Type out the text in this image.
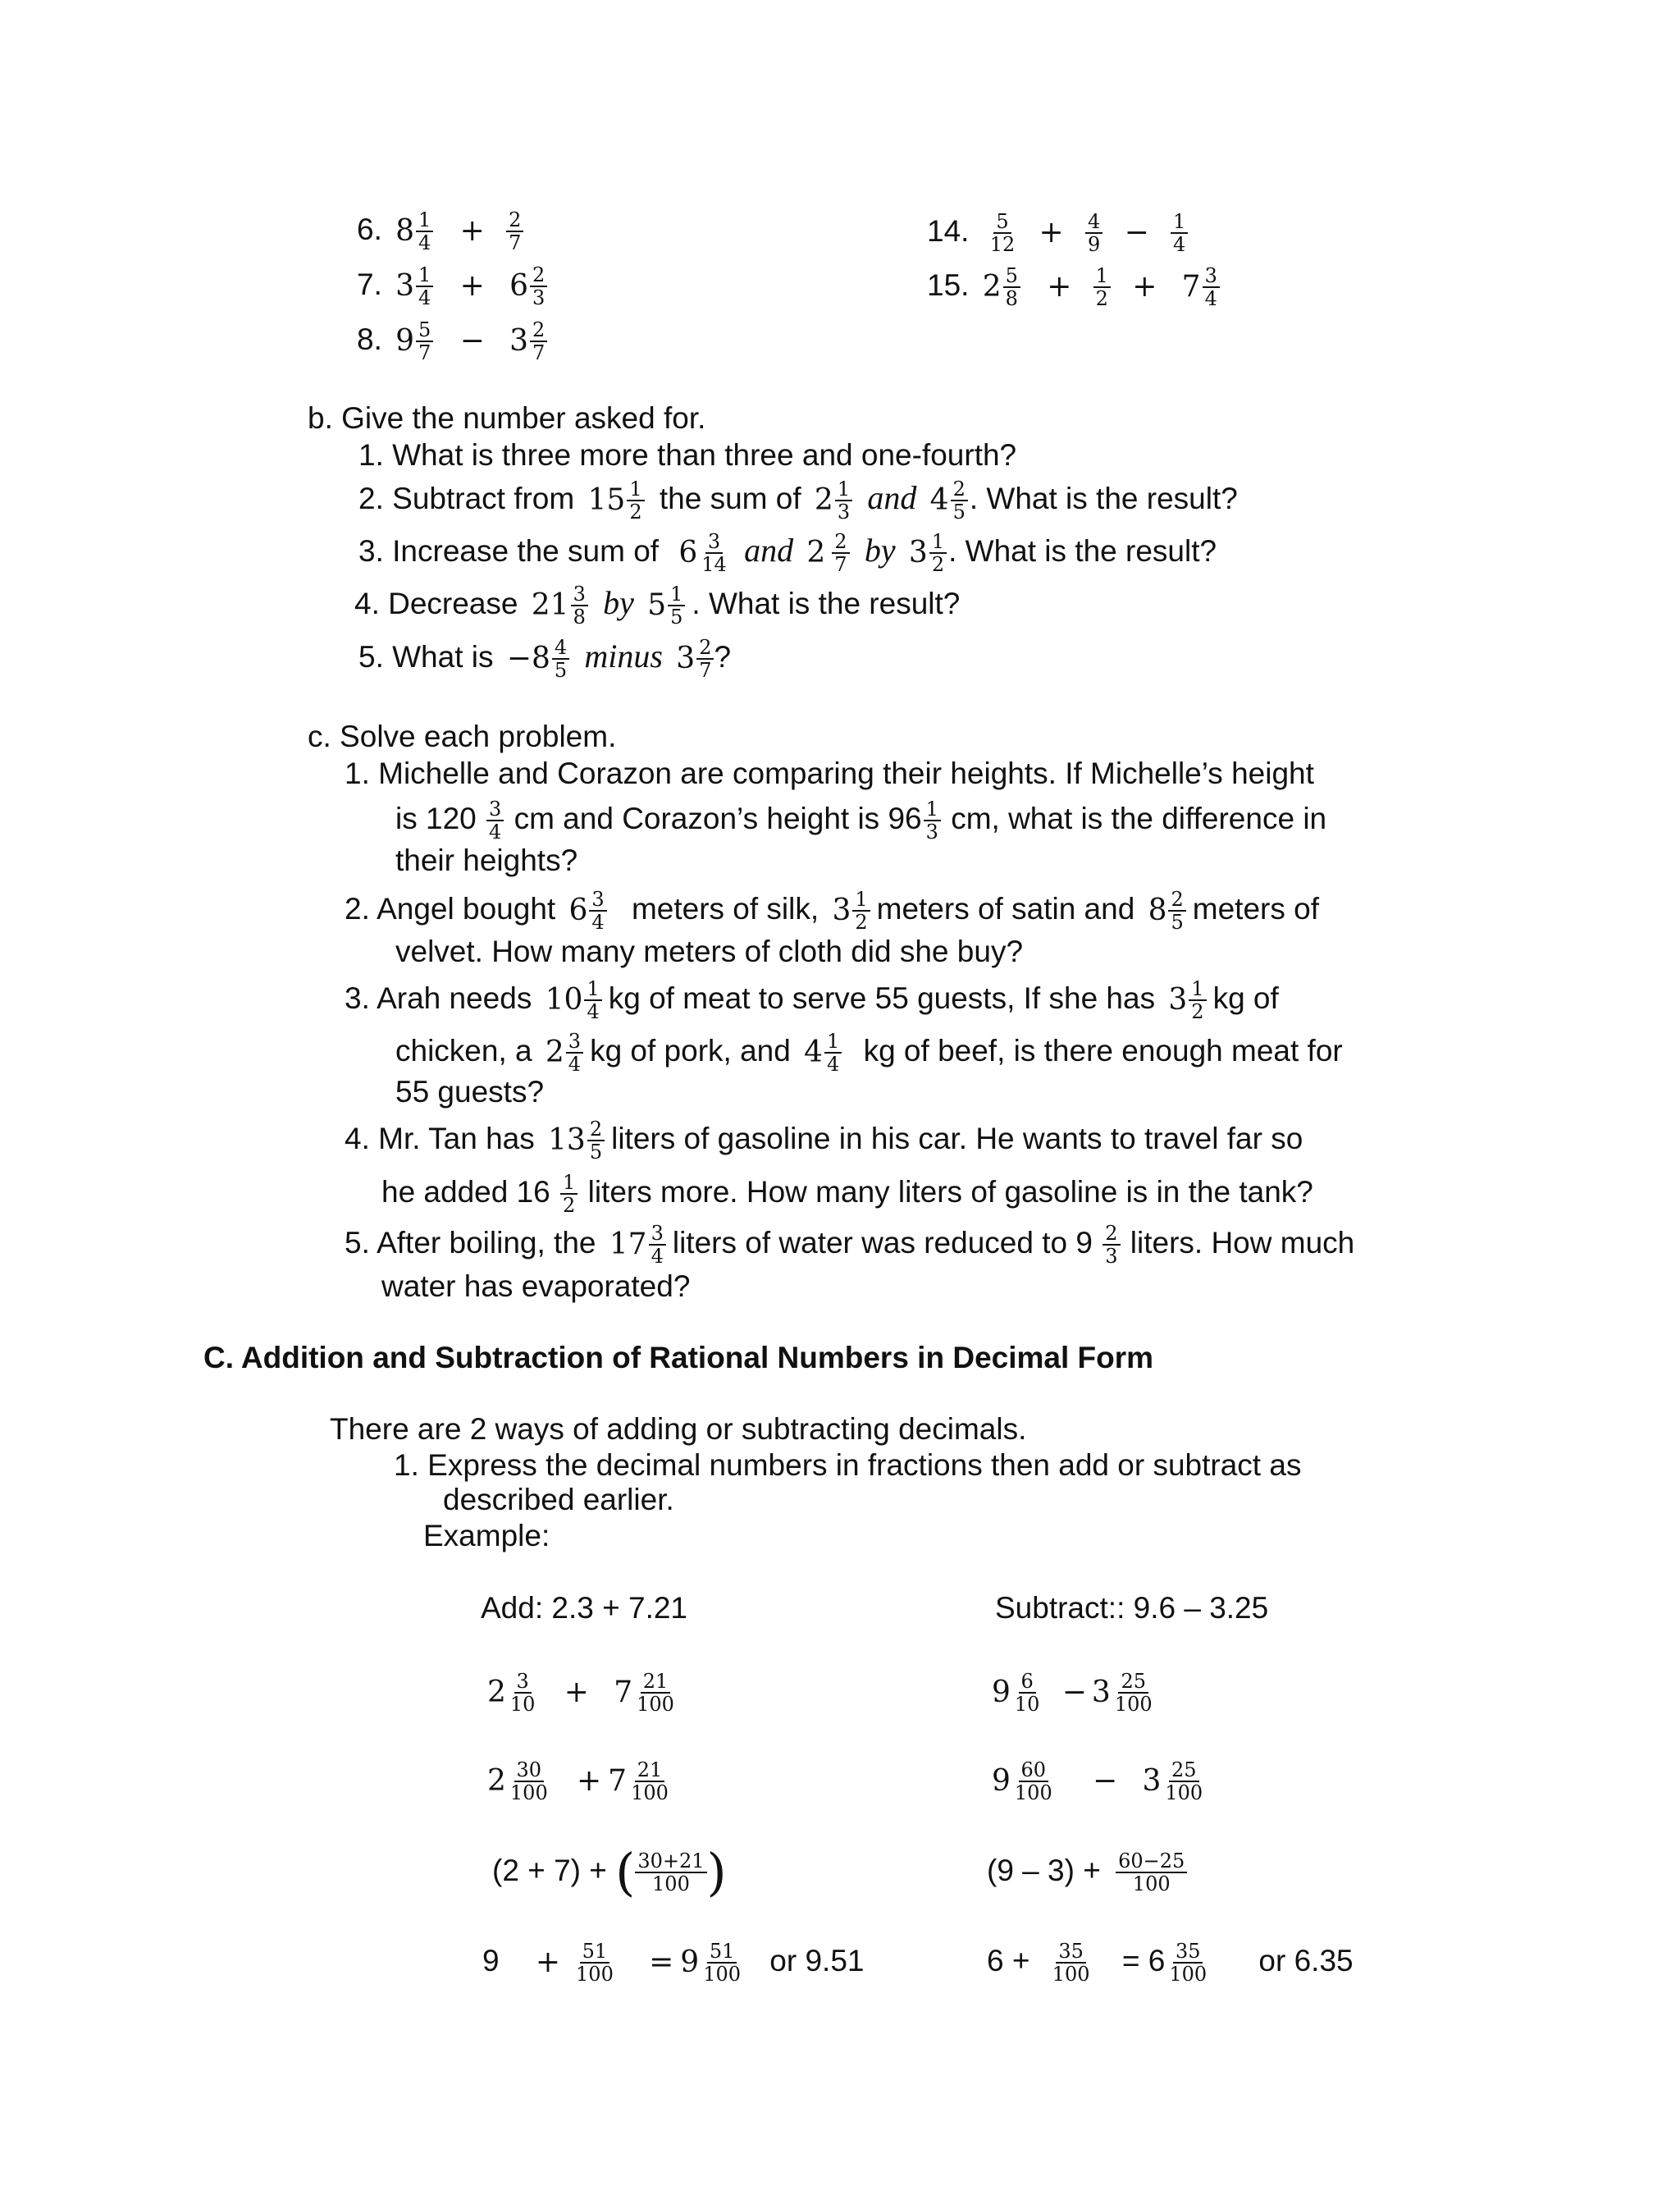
6. $8 \frac{1}{4} + \frac{2}{7}$
7. $3 \frac{1}{4} + 6 \frac{2}{3}$
8. $9 \frac{5}{7} - 3 \frac{2}{7}$
14. $\frac{5}{12} + \frac{4}{9} - \frac{1}{4}$
15. $2 \frac{5}{8} + \frac{1}{2} + 7 \frac{3}{4}$
b. Give the number asked for.
1. What is three more than three and one-fourth?
2. Subtract from $15 \frac{1}{2}$ the sum of $2 \frac{1}{3}$ and $4 \frac{2}{5}$ . What is the result?
3. Increase the sum of $6 \frac{3}{14}$ and $2 \frac{2}{7}$ by $3 \frac{1}{2}$ . What is the result?
4. Decrease $21 \frac{3}{8}$ by $5 \frac{1}{5}$ . What is the result?
5. What is $-8 \frac{4}{5}$ minus $3 \frac{2}{7}$ ?
c. Solve each problem.
1. Michelle and Corazon are comparing their heights. If Michelle’s height
is $120 \frac{3}{4}$ cm and Corazon’s height is $96 \frac{1}{3}$ cm, what is the difference in
their heights?
2. Angel bought $6 \frac{3}{4}$ meters of silk, $3 \frac{1}{2}$ meters of satin and $8 \frac{2}{5}$ meters of
velvet. How many meters of cloth did she buy?
3. Arah needs $10 \frac{1}{4}$ kg of meat to serve 55 guests, If she has $3 \frac{1}{2}$ kg of
chicken, a $2 \frac{3}{4}$ kg of pork, and $4 \frac{1}{4}$ kg of beef, is there enough meat for
55 guests?
4. Mr. Tan has $13 \frac{2}{5}$ liters of gasoline in his car. He wants to travel far so
he added $16 \frac{1}{2}$ liters more. How many liters of gasoline is in the tank?
5. After boiling, the $17 \frac{3}{4}$ liters of water was reduced to $9 \frac{2}{3}$ liters. How much
water has evaporated?
C. Addition and Subtraction of Rational Numbers in Decimal Form
There are 2 ways of adding or subtracting decimals.
1. Express the decimal numbers in fractions then add or subtract as
described earlier.
Example:
Add: 2.3 + 7.21	Subtract:: 9.6 – 3.25
$2 \frac{3}{10} + 7 \frac{21}{100}$
$2 \frac{30}{100} + 7 \frac{21}{100}$
(2 + 7) + ( $\frac{30+21}{100}$ )
$9 + \frac{51}{100} = 9 \frac{51}{100}$ or 9.51
$9 \frac{6}{10} - 3 \frac{25}{100}$
$9 \frac{60}{100} - 3 \frac{25}{100}$
$(9 - 3) + \frac{60-25}{100}$
$6 + \frac{35}{100} = 6 \frac{35}{100}$ or 6.35
